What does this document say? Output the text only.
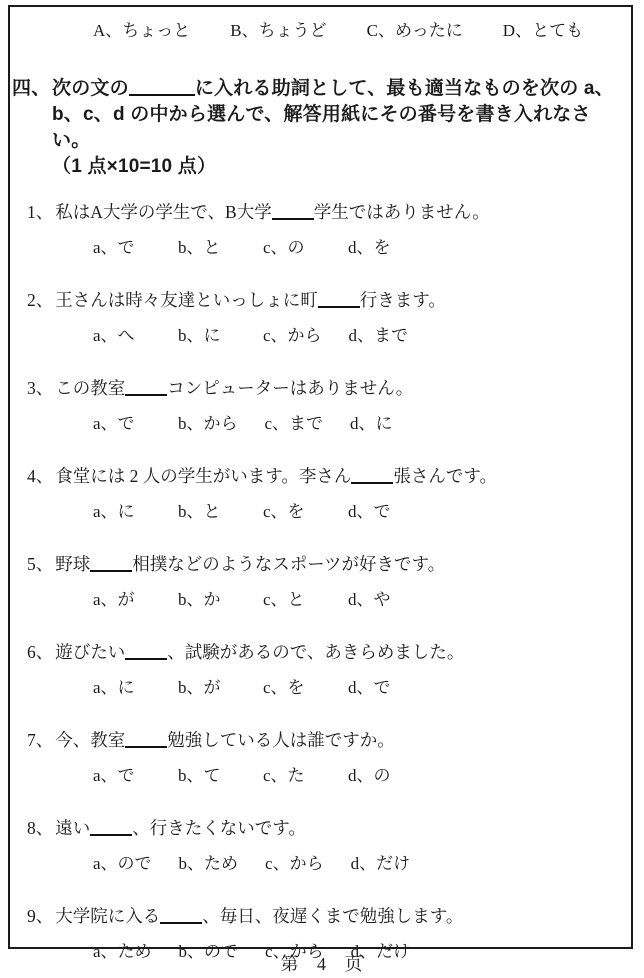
A、ちょっと B、ちょうど C、めったに D、とても
四、 次の文の	に入れる助詞として、最も適当なものを次の a、
b、c、d の中から選んで、解答用紙にその番号を書き入れなさい。
（1 点×10=10 点）
1、 私はA大学の学生で、B大学 学生ではありません。
a、で	b、と	c、の	d、を
2、 王さんは時々友達といっしょに町 行きます。
a、へ	b、に	c、から d、まで
3、 この教室 コンピューターはありません。
a、で	b、から c、まで d、に
4、 食堂には 2 人の学生がいます。李さん 張さんです。
a、に	b、と	c、を	d、で
5、 野球 相撲などのようなスポーツが好きです。
a、が	b、か	c、と	d、や
6、 遊びたい 、試験があるので、あきらめました。
a、に	b、が	c、を	d、で
7、 今、教室 勉強している人は誰ですか。
a、で	b、て	c、た	d、の
8、 遠い 、行きたくないです。
a、ので b、ため c、から d、だけ
9、 大学院に入る 、毎日、夜遅くまで勉強します。
a、ため b、ので c、から d、だけ
第 4 页
